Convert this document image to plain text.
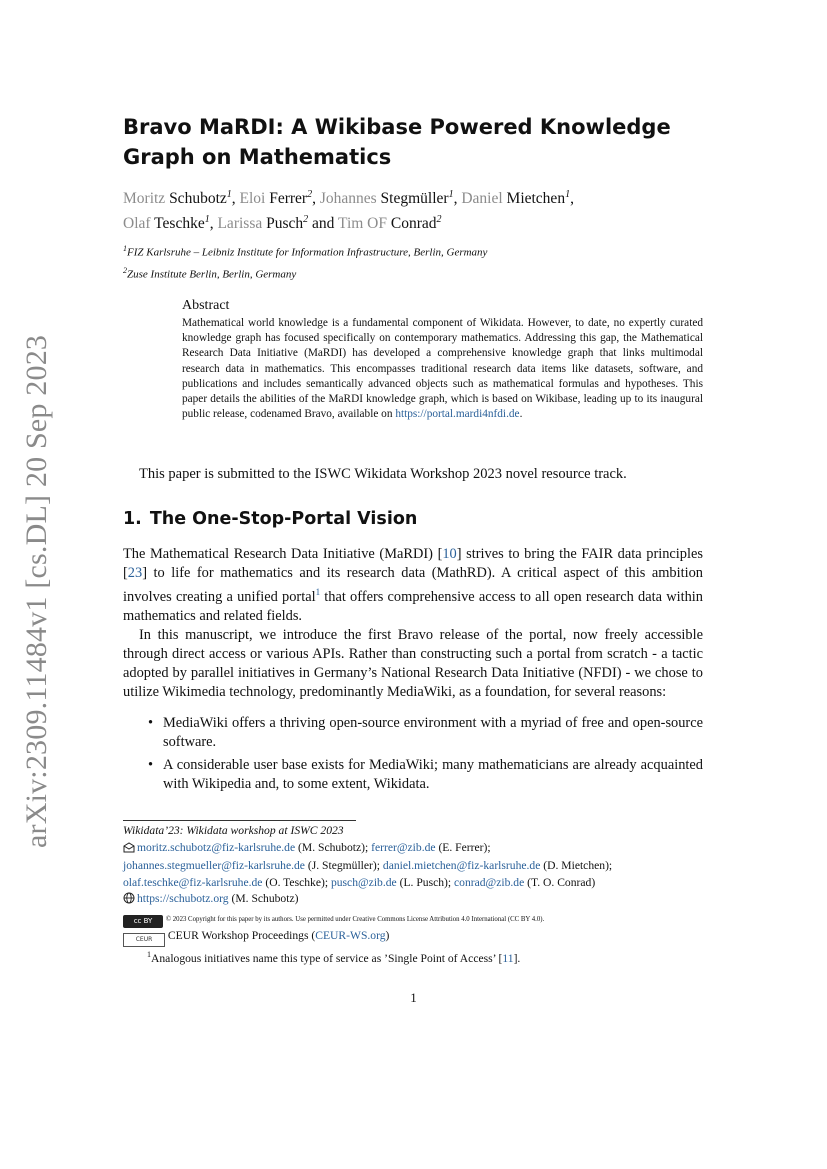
arXiv:2309.11484v1 [cs.DL] 20 Sep 2023
Bravo MaRDI: A Wikibase Powered Knowledge Graph on Mathematics
Moritz Schubotz$^1$, Eloi Ferrer$^2$, Johannes Stegmüller$^1$, Daniel Mietchen$^1$,
Olaf Teschke$^1$, Larissa Pusch$^2$ and Tim OF Conrad$^2$
$^1$FIZ Karlsruhe – Leibniz Institute for Information Infrastructure, Berlin, Germany
$^2$Zuse Institute Berlin, Berlin, Germany
Abstract

Mathematical world knowledge is a fundamental component of Wikidata. However, to date, no expertly curated knowledge graph has focused specifically on contemporary mathematics. Addressing this gap, the Mathematical Research Data Initiative (MaRDI) has developed a comprehensive knowledge graph that links multimodal research data in mathematics. This encompasses traditional research data items like datasets, software, and publications and includes semantically advanced objects such as mathematical formulas and hypotheses. This paper details the abilities of the MaRDI knowledge graph, which is based on Wikibase, leading up to its inaugural public release, codenamed Bravo, available on https://portal.mardi4nfdi.de.

This paper is submitted to the ISWC Wikidata Workshop 2023 novel resource track.
1. The One-Stop-Portal Vision

The Mathematical Research Data Initiative (MaRDI) [10] strives to bring the FAIR data principles [23] to life for mathematics and its research data (MathRD). A critical aspect of this ambition involves creating a unified portal$^1$ that offers comprehensive access to all open research data within mathematics and related fields.

In this manuscript, we introduce the first Bravo release of the portal, now freely accessible through direct access or various APIs. Rather than constructing such a portal from scratch - a tactic adopted by parallel initiatives in Germany’s National Research Data Initiative (NFDI) - we chose to utilize Wikimedia technology, predominantly MediaWiki, as a foundation, for several reasons:

• MediaWiki offers a thriving open-source environment with a myriad of free and open-source software.
• A considerable user base exists for MediaWiki; many mathematicians are already acquainted with Wikipedia and, to some extent, Wikidata.
Wikidata’23: Wikidata workshop at ISWC 2023
moritz.schubotz@fiz-karlsruhe.de (M. Schubotz); ferrer@zib.de (E. Ferrer);
johannes.stegmueller@fiz-karlsruhe.de (J. Stegmüller); daniel.mietchen@fiz-karlsruhe.de (D. Mietchen);
olaf.teschke@fiz-karlsruhe.de (O. Teschke); pusch@zib.de (L. Pusch); conrad@zib.de (T. O. Conrad)
https://schubotz.org (M. Schubotz)
cc BY © 2023 Copyright for this paper by its authors. Use permitted under Creative Commons License Attribution 4.0 International (CC BY 4.0).
CEUR CEUR Workshop Proceedings (CEUR-WS.org)
$^1$Analogous initiatives name this type of service as ’Single Point of Access’ [11].
1
